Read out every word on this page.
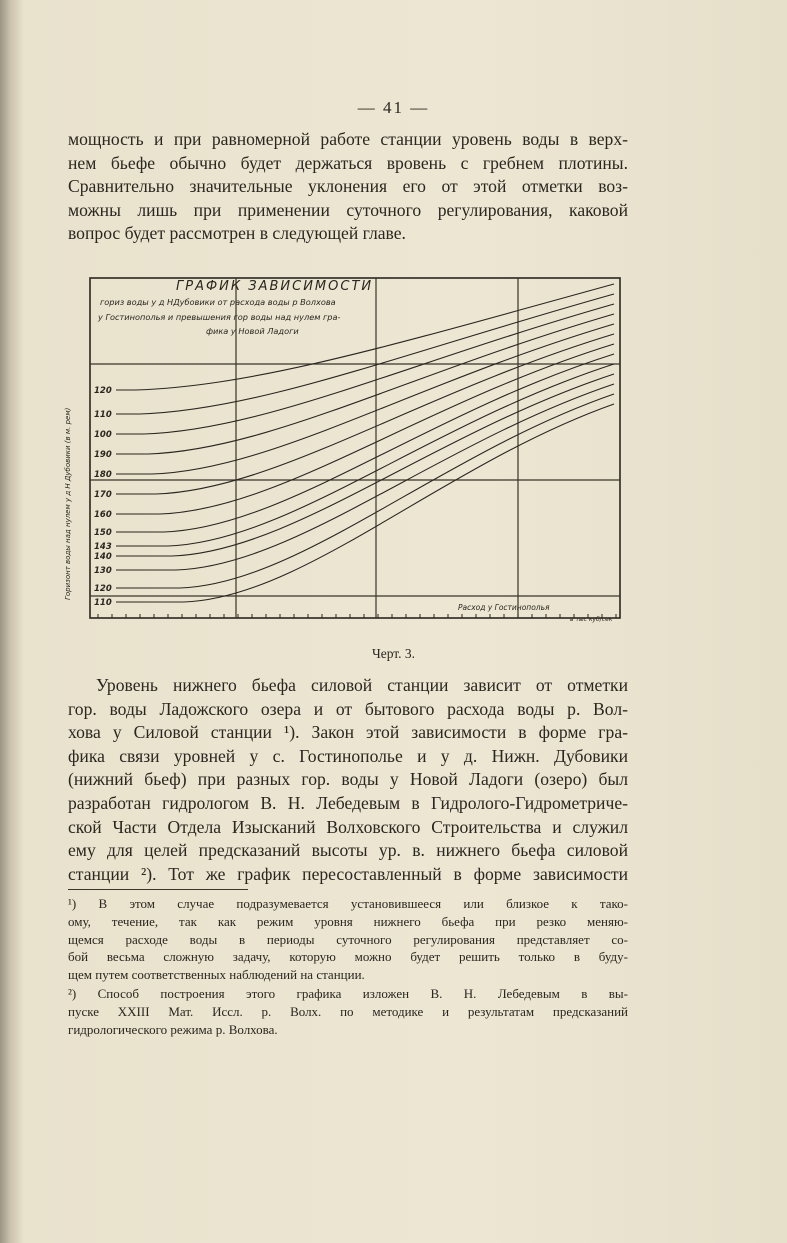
— 41 —

мощность и при равномерной работе станции уровень воды в верх-
нем бьефе обычно будет держаться вровень с гребнем плотины.
Сравнительно значительные уклонения его от этой отметки воз-
можны лишь при применении суточного регулирования, каковой
вопрос будет рассмотрен в следующей главе.

ГРАФИК ЗАВИСИМОСТИ
гориз воды у д НДубовики от расхода воды р Волхова
у Гостинополья и превышения гор воды над нулем гра-
фика у Новой Ладоги
Горизонт воды над нулем у д Н Дубовики (в м. рем)
Расход у Гостинополья
в тыс куб/сек
120
110
100
190
180
170
160
150
143
140
130
120
110
Черт. 3.

Уровень нижнего бьефа силовой станции зависит от отметки
гор. воды Ладожского озера и от бытового расхода воды р. Вол-
хова у Силовой станции ¹). Закон этой зависимости в форме гра-
фика связи уровней у с. Гостинополье и у д. Нижн. Дубовики
(нижний бьеф) при разных гор. воды у Новой Ладоги (озеро) был
разработан гидрологом В. Н. Лебедевым в Гидролого-Гидрометриче-
ской Части Отдела Изысканий Волховского Строительства и служил
ему для целей предсказаний высоты ур. в. нижнего бьефа силовой
станции ²). Тот же график пересоставленный в форме зависимости

¹) В этом случае подразумевается установившееся или близкое к тако-
ому, течение, так как режим уровня нижнего бьефа при резко меняю-
щемся расходе воды в периоды суточного регулирования представляет со-
бой весьма сложную задачу, которую можно будет решить только в буду-
щем путем соответственных наблюдений на станции.

²) Способ построения этого графика изложен В. Н. Лебедевым в вы-
пуске XXIII Мат. Иссл. р. Волх. по методике и результатам предсказаний
гидрологического режима р. Волхова.
